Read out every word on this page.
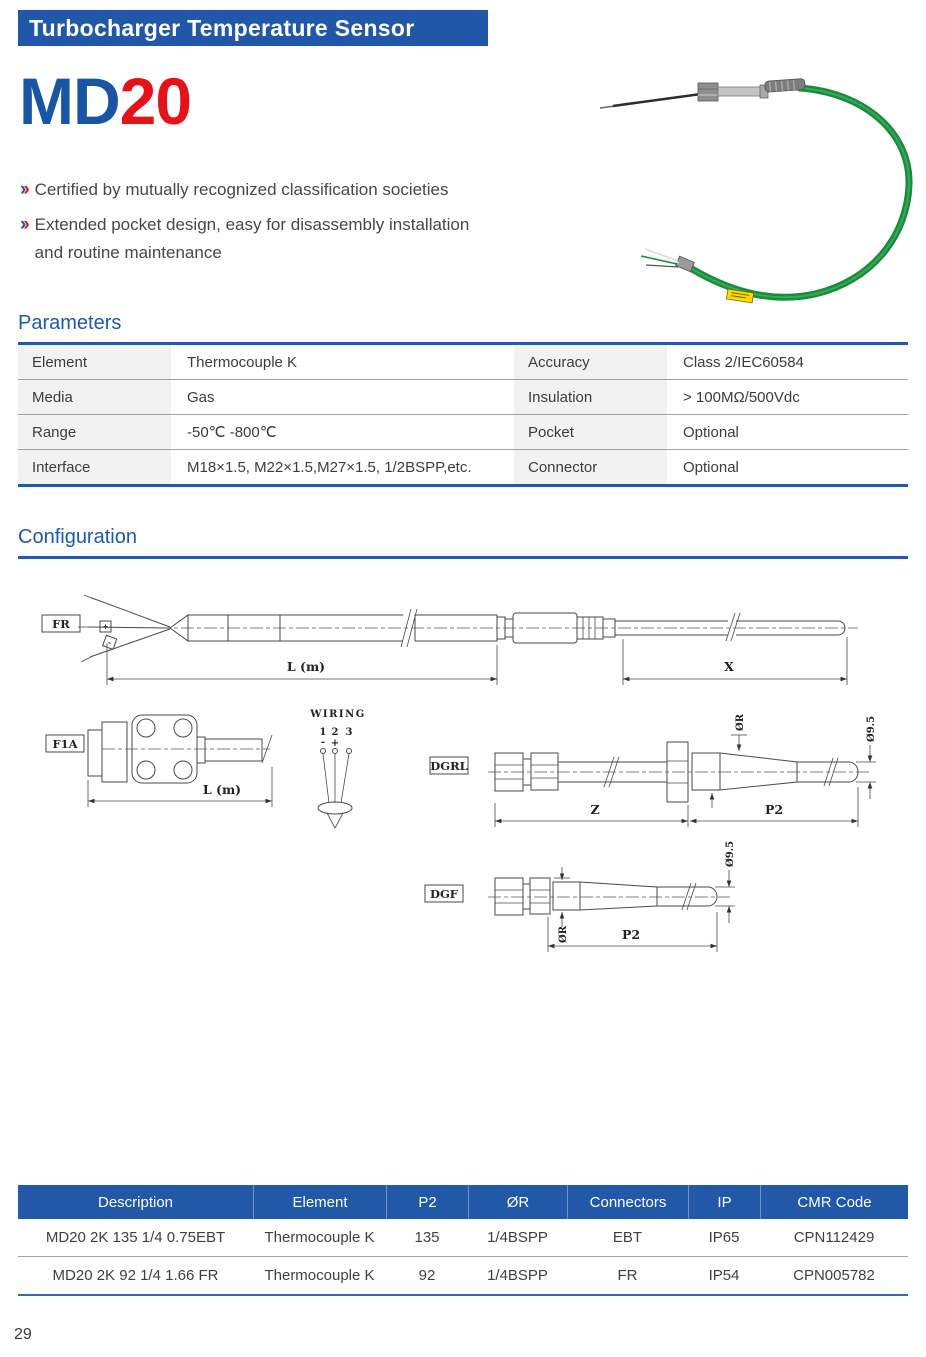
Turbocharger Temperature Sensor
MD20
›› Certified by mutually recognized classification societies
›› Extended pocket design, easy for disassembly installation and routine maintenance
Parameters
Element	Thermocouple K	Accuracy	Class 2/IEC60584
Media	Gas	Insulation	> 100MΩ/500Vdc
Range	-50℃ -800℃	Pocket	Optional
Interface	M18×1.5, M22×1.5,M27×1.5, 1/2BSPP,etc.	Connector	Optional
Configuration
FR	+
-
L (m)	X
F1A
L (m)
WIRING
1 2 3
- +
DGRL
ØR	Ø9.5
Z	P2
DGF
ØR
Ø9.5
P2
Description	Element	P2	ØR	Connectors	IP	CMR Code
MD20 2K 135 1/4 0.75EBT	Thermocouple K	135	1/4BSPP	EBT	IP65	CPN112429
MD20 2K 92 1/4 1.66 FR	Thermocouple K	92	1/4BSPP	FR	IP54	CPN005782
29
